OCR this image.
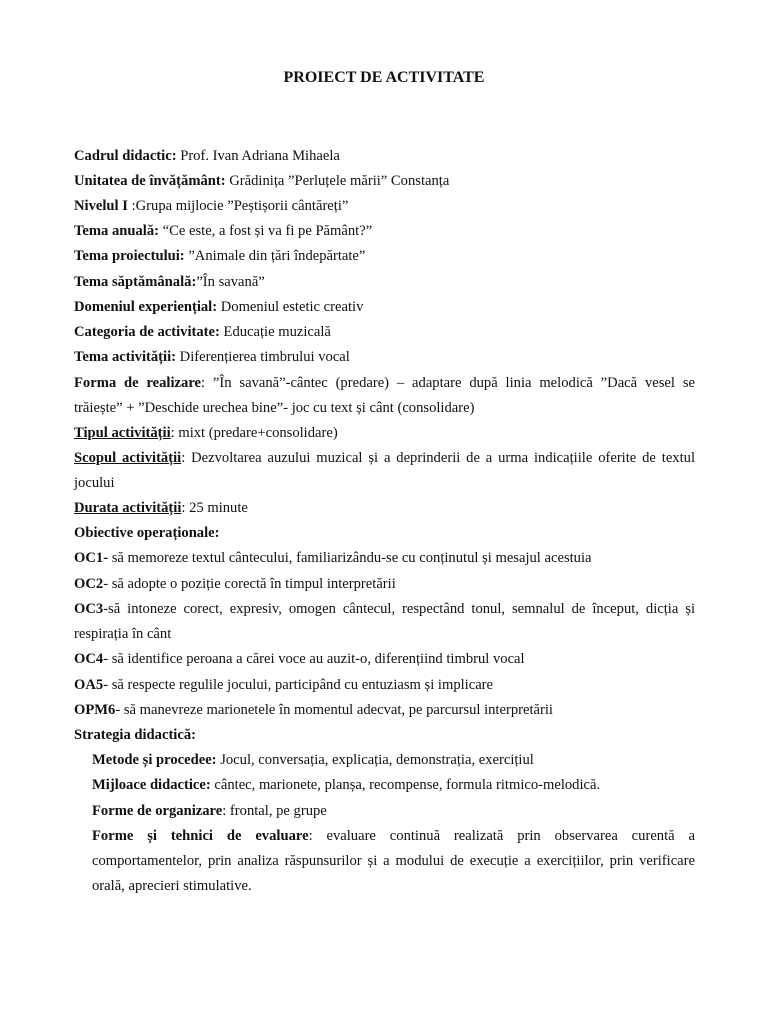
PROIECT DE ACTIVITATE
Cadrul didactic: Prof. Ivan Adriana Mihaela
Unitatea de învățământ: Grădinița ”Perluțele mării” Constanța
Nivelul I :Grupa mijlocie ”Peștișorii cântăreți”
Tema anuală: “Ce este, a fost și va fi pe Pământ?”
Tema proiectului: ”Animale din țări îndepărtate”
Tema săptămânală:”În savană”
Domeniul experiențial: Domeniul estetic creativ
Categoria de activitate: Educație muzicală
Tema activității: Diferențierea timbrului vocal
Forma de realizare: ”În savană”-cântec (predare) – adaptare după linia melodică ”Dacă vesel se
trăiește” + ”Deschide urechea bine”- joc cu text și cânt (consolidare)
Tipul activității: mixt (predare+consolidare)
Scopul activității: Dezvoltarea auzului muzical și a deprinderii de a urma indicațiile oferite de textul
jocului
Durata activității: 25 minute
Obiective operaționale:
OC1- să memoreze textul cântecului, familiarizându-se cu conținutul și mesajul acestuia
OC2- să adopte o poziție corectă în timpul interpretării
OC3-să intoneze corect, expresiv, omogen cântecul, respectând tonul, semnalul de început, dicția și
respirația în cânt
OC4- să identifice peroana a cărei voce au auzit-o, diferențiind timbrul vocal
OA5- să respecte regulile jocului, participând cu entuziasm și implicare
OPM6- să manevreze marionetele în momentul adecvat, pe parcursul interpretării
Strategia didactică:
Metode și procedee: Jocul, conversația, explicația, demonstrația, exercițiul
Mijloace didactice: cântec, marionete, planșa, recompense, formula ritmico-melodică.
Forme de organizare: frontal, pe grupe
Forme și tehnici de evaluare: evaluare continuă realizată prin observarea curentă a
comportamentelor, prin analiza răspunsurilor și a modului de execuție a exercițiilor, prin verificare
orală, aprecieri stimulative.
